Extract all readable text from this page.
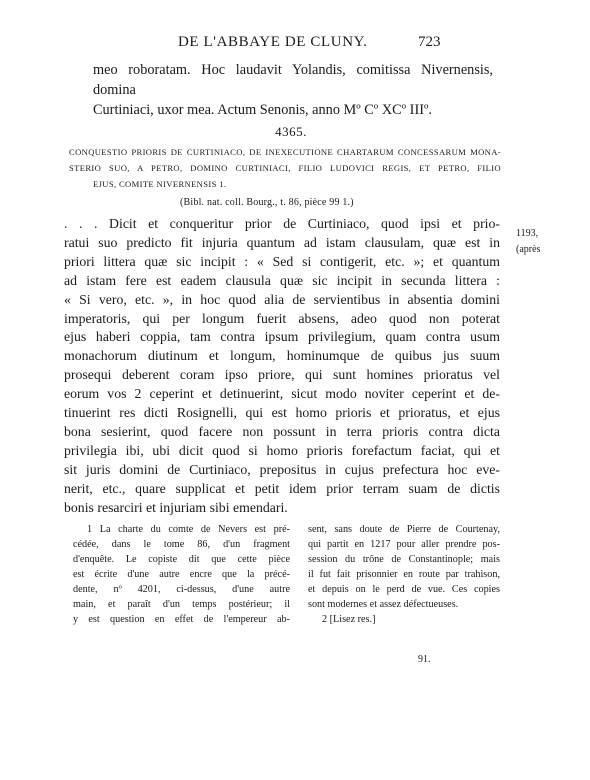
DE L'ABBAYE DE CLUNY.	723
meo roboratam. Hoc laudavit Yolandis, comitissa Nivernensis, domina
Curtiniaci, uxor mea. Actum Senonis, anno Mº Cº XCº IIIº.
4365.
CONQUESTIO PRIORIS DE CURTINIACO, DE INEXECUTIONE CHARTARUM CONCESSARUM MONA-
STERIO SUO, A PETRO, DOMINO CURTINIACI, FILIO LUDOVICI REGIS, ET PETRO, FILIO
EJUS, COMITE NIVERNENSIS 1.
(Bibl. nat. coll. Bourg., t. 86, pièce 99 1.)
1193,
(après
. . . Dicit et conqueritur prior de Curtiniaco, quod ipsi et prio-
ratui suo predicto fit injuria quantum ad istam clausulam, quæ est in
priori littera quæ sic incipit : « Sed si contigerit, etc. »; et quantum
ad istam fere est eadem clausula quæ sic incipit in secunda littera :
« Si vero, etc. », in hoc quod alia de servientibus in absentia domini
imperatoris, qui per longum fuerit absens, adeo quod non poterat
ejus haberi coppia, tam contra ipsum privilegium, quam contra usum
monachorum diutinum et longum, hominumque de quibus jus suum
prosequi deberent coram ipso priore, qui sunt homines prioratus vel
eorum vos 2 ceperint et detinuerint, sicut modo noviter ceperint et de-
tinuerint res dicti Rosignelli, qui est homo prioris et prioratus, et ejus
bona sesierint, quod facere non possunt in terra prioris contra dicta
privilegia ibi, ubi dicit quod si homo prioris forefactum faciat, qui et
sit juris domini de Curtiniaco, prepositus in cujus prefectura hoc eve-
nerit, etc., quare supplicat et petit idem prior terram suam de dictis
bonis resarciri et injuriam sibi emendari.
1 La charte du comte de Nevers est pré-
cédée, dans le tome 86, d'un fragment
d'enquête. Le copiste dit que cette pièce
est écrite d'une autre encre que la précé-
dente, nº 4201, ci-dessus, d'une autre
main, et paraît d'un temps postérieur; il
y est question en effet de l'empereur ab-
sent, sans doute de Pierre de Courtenay,
qui partit en 1217 pour aller prendre pos-
session du trône de Constantinople; mais
il fut fait prisonnier en route par trahison,
et depuis on le perd de vue. Ces copies
sont modernes et assez défectueuses.
2 [Lisez res.]
91.
